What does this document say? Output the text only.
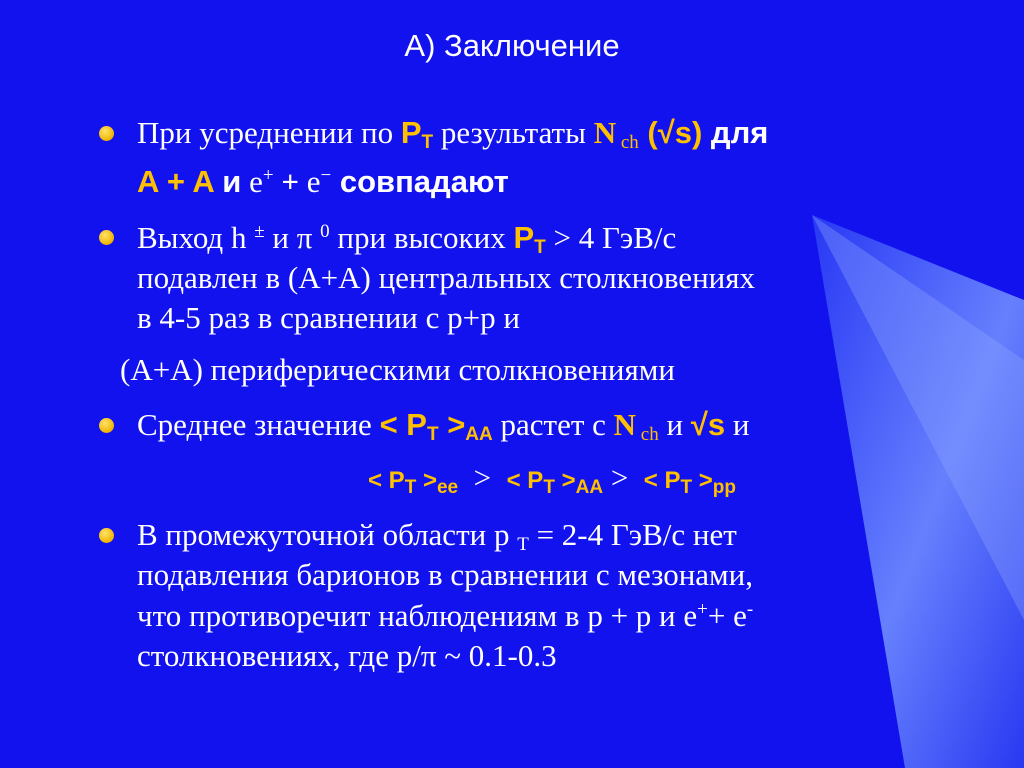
А) Заключение
При усреднении по $P_T$ результаты N $_{ch}$ (√s) для
A + A и e+ + e− совпадают
Выход h ± и π $^0$ при высоких $P_T > 4$ ГэВ/с
подавлен в (A+A) центральных столкновениях
в 4-5 раз в сравнении с p+p и
(A+A) периферическими столкновениями
Среднее значение < $P_T >_{AA}$ растет с N $_{ch}$ и √s и
< $P_T >_{ee}$  >  < $P_T >_{AA}$ >  < $P_T >_{pp}$
В промежуточной области p $_T$ = 2-4 ГэВ/с нет
подавления барионов в сравнении с мезонами,
что противоречит наблюдениям в p + p и e++ e-
столкновениях, где p/π ~ 0.1-0.3
